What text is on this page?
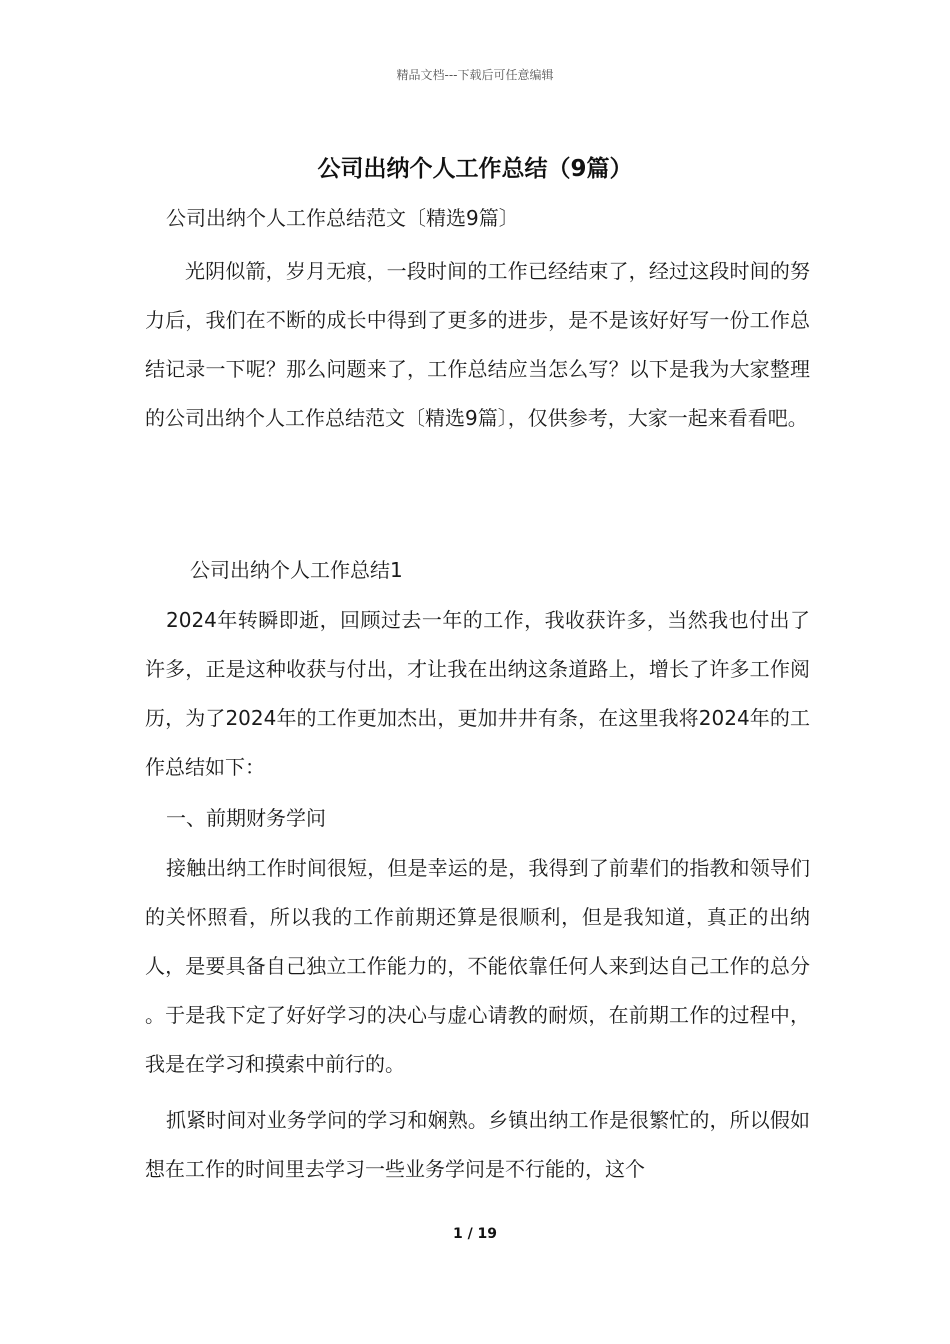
精品文档---下载后可任意编辑
公司出纳个人工作总结（9篇）
公司出纳个人工作总结范文〔精选9篇〕
光阴似箭，岁月无痕，一段时间的工作已经结束了，经过这段时间的努力后，我们在不断的成长中得到了更多的进步，是不是该好好写一份工作总结记录一下呢？那么问题来了，工作总结应当怎么写？以下是我为大家整理的公司出纳个人工作总结范文〔精选9篇〕，仅供参考，大家一起来看看吧。
公司出纳个人工作总结1
2024年转瞬即逝，回顾过去一年的工作，我收获许多，当然我也付出了许多，正是这种收获与付出，才让我在出纳这条道路上，增长了许多工作阅历，为了2024年的工作更加杰出，更加井井有条，在这里我将2024年的工作总结如下：
一、前期财务学问
接触出纳工作时间很短，但是幸运的是，我得到了前辈们的指教和领导们的关怀照看，所以我的工作前期还算是很顺利，但是我知道，真正的出纳人，是要具备自己独立工作能力的，不能依靠任何人来到达自己工作的总分 。于是我下定了好好学习的决心与虚心请教的耐烦，在前期工作的过程中，我是在学习和摸索中前行的。
抓紧时间对业务学问的学习和娴熟。乡镇出纳工作是很繁忙的，所以假如想在工作的时间里去学习一些业务学问是不行能的，这个
1 / 19
